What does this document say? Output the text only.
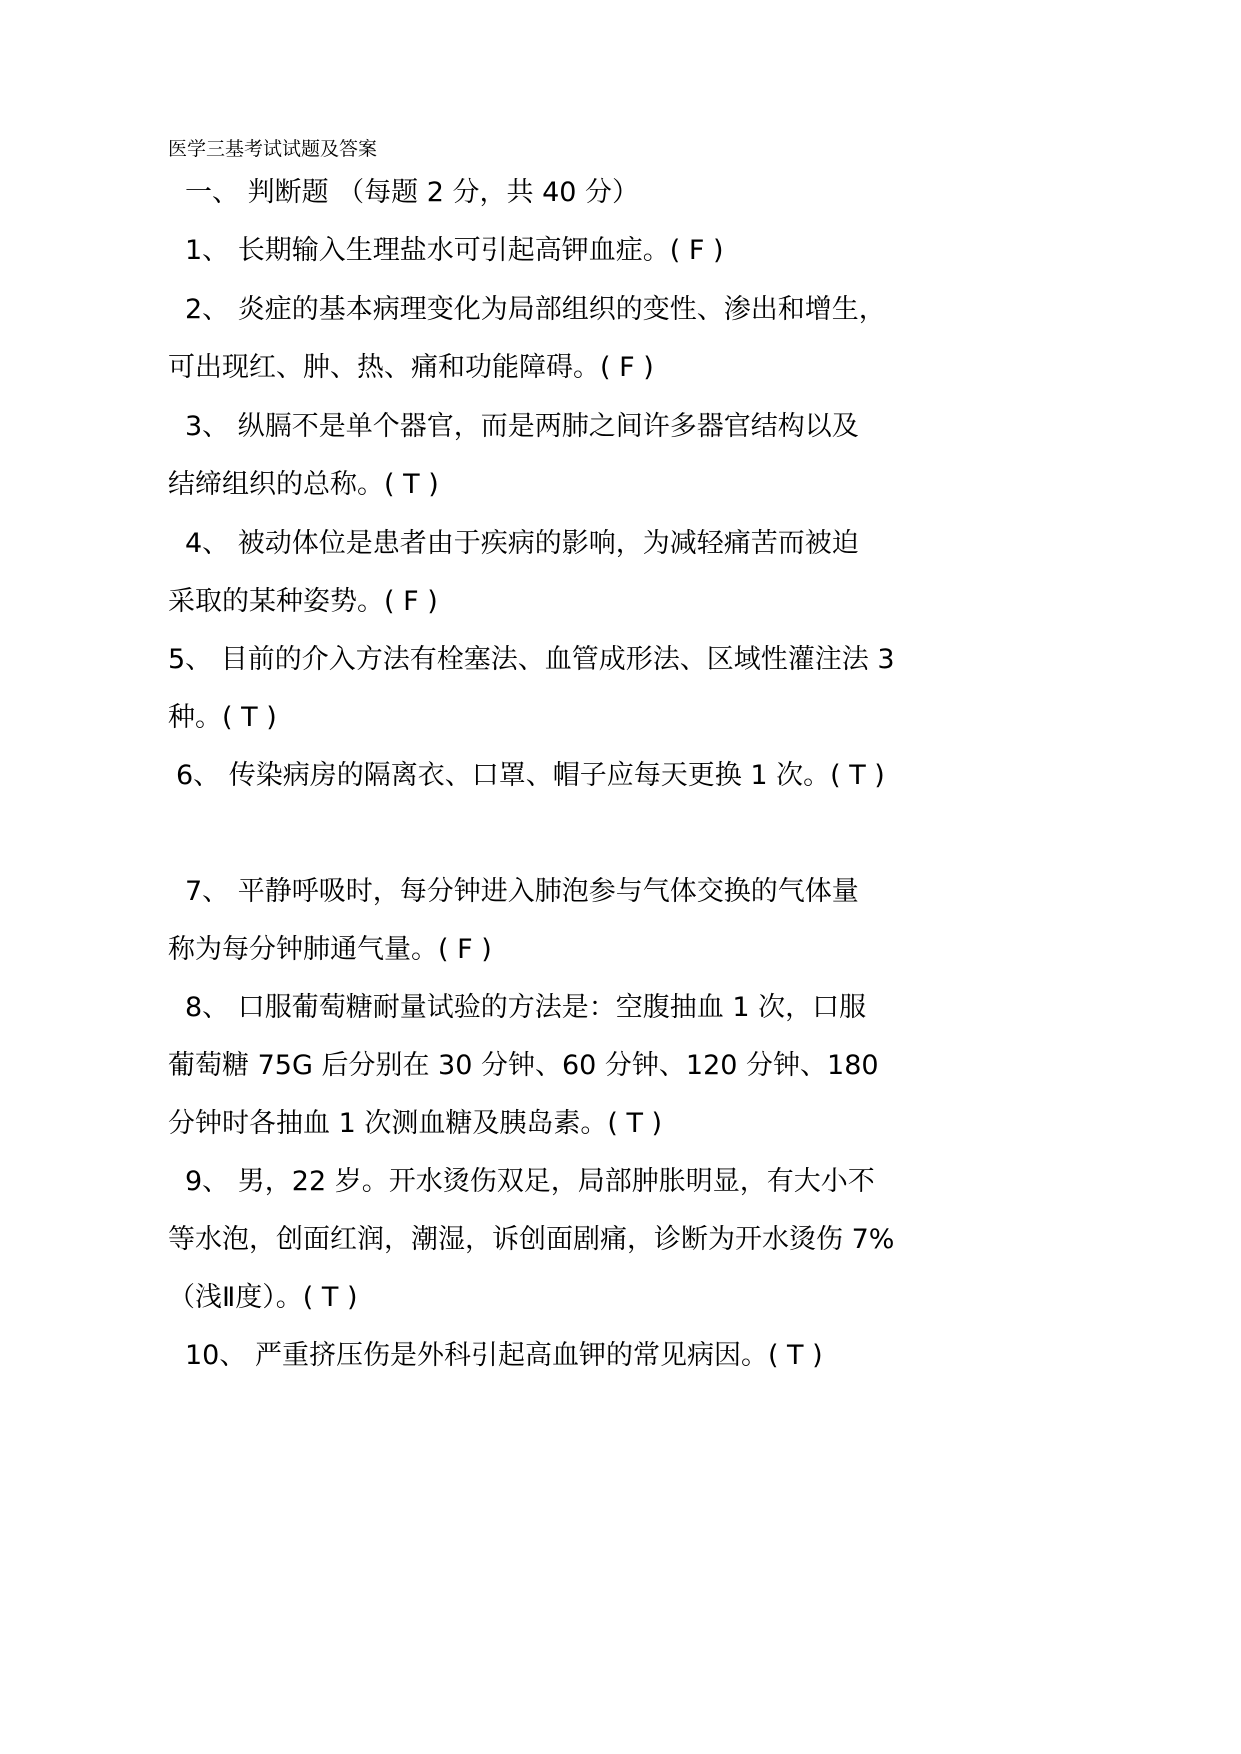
医学三基考试试题及答案
一、 判断题 （每题 2 分，共 40 分）
1、 长期输入生理盐水可引起高钾血症。( F )
2、 炎症的基本病理变化为局部组织的变性、渗出和增生，
可出现红、肿、热、痛和功能障碍。( F )
3、 纵膈不是单个器官，而是两肺之间许多器官结构以及
结缔组织的总称。( T )
4、 被动体位是患者由于疾病的影响，为减轻痛苦而被迫
采取的某种姿势。( F )
5、 目前的介入方法有栓塞法、血管成形法、区域性灌注法 3
种。( T )
6、 传染病房的隔离衣、口罩、帽子应每天更换 1 次。( T )
7、 平静呼吸时，每分钟进入肺泡参与气体交换的气体量
称为每分钟肺通气量。( F )
8、 口服葡萄糖耐量试验的方法是：空腹抽血 1 次，口服
葡萄糖 75G 后分别在 30 分钟、60 分钟、120 分钟、180
分钟时各抽血 1 次测血糖及胰岛素。( T )
9、 男，22 岁。开水烫伤双足，局部肿胀明显，有大小不
等水泡，创面红润，潮湿，诉创面剧痛，诊断为开水烫伤 7%
（浅Ⅱ度）。( T )
10、 严重挤压伤是外科引起高血钾的常见病因。( T )
